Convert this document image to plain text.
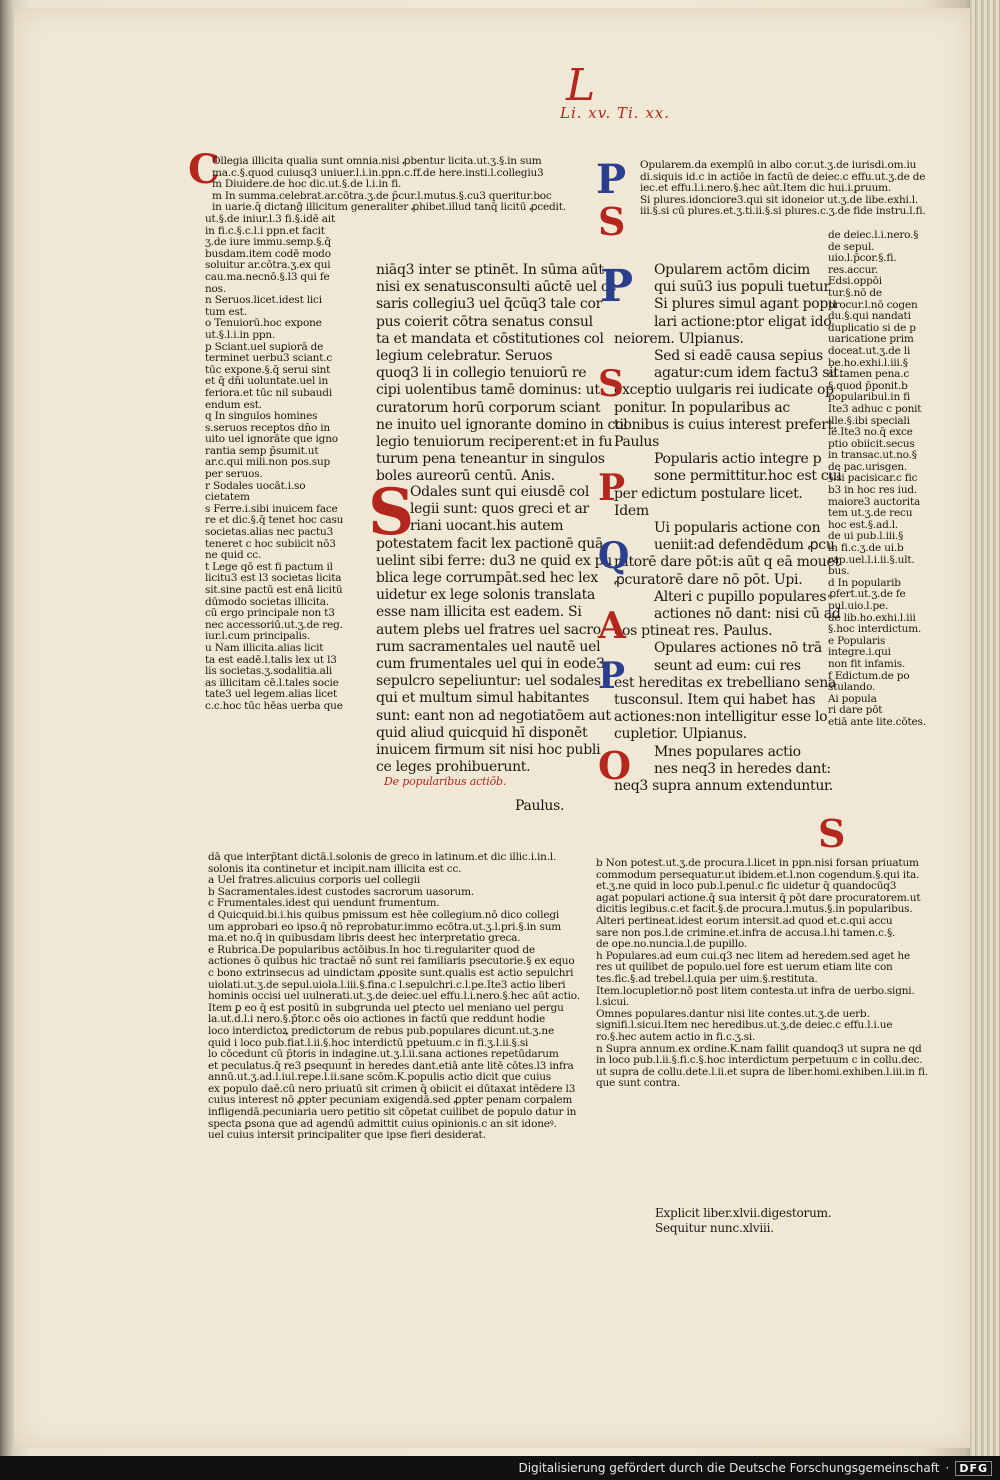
L
Li. xv. Ti. xx.
C
Ollegia illicita qualia sunt omnia.nisi ꝓbentur licita.ut.ʒ.§.in sum
ma.c.§.quod cuiusq3 uniuer.l.i.in.ppn.c.ff.de here.insti.l.collegiu3
m Diuidere.de hoc dic.ut.§.de l.i.in fi.
m In summa.celebrat.ar.cōtra.ʒ.de p̄cur.l.mutus.§.cu3 queritur.boc
in uarie.q̄ dictang̃ illicitum generaliter ꝓhibet.illud tanq̄ licitū ꝓcedit.
ut.§.de iniur.l.3 fi.§.idē ait
in fi.c.§.c.l.i ppn.et facit
ʒ.de iure immu.semp.§.q̄
busdam.item codē modo
soluitur ar.cōtra.ʒ.ex qui
cau.ma.necnō.§.l3 qui fe
nos.
n Seruos.licet.idest lici
tum est.
o Tenuiorū.hoc expone
ut.§.l.i.in ppn.
p Sciant.uel suꝑiorā de
terminet uerbu3 sciant.c
tūc expone.§.q̄ serui sint
et q̄ dn̄i uoluntate.uel in
feriora.et tūc nil subaudi
endum est.
q In singulos homines
s.seruos receptos dn̄o in
uito uel ignorāte que igno
rantia semp p̄sumit.ut
ar.c.qui mili.non pos.sup
per seruos.
r Sodales uocāt.i.so
cietatem
s Ferre.i.sibi inuicem face
re et dic.§.q̄ tenet hoc casu
societas.alias nec pactu3
teneret c hoc subiicit nō3
ne quid cc.
t Lege qō est fi pactum il
licitu3 est l3 societas licita
sit.sine pactū est enā licitū
dūmodo societas illicita.
cū ergo principale non t3
nec accessoriū.ut.ʒ.de reg.
iur.l.cum principalis.
u Nam illicita.alias licit
ta est eadē.l.talis lex ut l3
lis societas.ʒ.sodalitia.ali
as illicitam cē.l.tales socie
tate3 uel legem.alias licet
c.c.hoc tūc hēas uerba que
niāq3 inter se ptinēt. In sūma aūt
nisi ex senatusconsulti aūctē uel ce
saris collegiu3 uel q̄cūq3 tale cor
pus coierit cōtra senatus consul
ta et mandata et cōstitutiones col
legium celebratur. Seruos
quoq3 li in collegio tenuiorū re
cipi uolentibus tamē dominus: ut
curatorum horū corporum sciant
ne inuito uel ignorante domino in col
legio tenuiorum reciperent:et in fu
turum pena teneantur in singulos
boles aureorū centū. Anis.
S
Odales sunt qui eiusdē col
legii sunt: quos greci et ar
riani uocant.his autem
potestatem facit lex pactionē quā
uelint sibi ferre: du3 ne quid ex pu
blica lege corrumpāt.sed hec lex
uidetur ex lege solonis translata
esse nam illicita est eadem. Si
autem plebs uel fratres uel sacro
rum sacramentales uel nautē uel
cum frumentales uel qui in eode3
sepulcro sepeliuntur: uel sodales
qui et multum simul habitantes
sunt: eant non ad negotiatōem aut
quid aliud quicquid hī disponēt
inuicem firmum sit nisi hoc publi
ce leges prohibuerunt.
De popularibus actiōb.
Paulus.
dā que interp̄tant dictā.l.solonis de greco in latinum.et dic illic.i.in.l.
solonis ita continetur et incipit.nam illicita est cc.
a Uel fratres.alicuius corporis uel collegii
b Sacramentales.idest custodes sacrorum uasorum.
c Frumentales.idest qui uendunt frumentum.
d Quicquid.bi.i.his quibus pmissum est hēe collegium.nō dico collegi
um approbari eo ipso.q̄ nō reprobatur.immo ecōtra.ut.ʒ.l.pri.§.in sum
ma.et no.q̄ in quibusdam libris deest hec interpretatio greca.
e Rubrica.De popularibus actōibus.In hoc ti.regulariter quod de
actiones ō quibus hic tractaē nō sunt rei familiaris psecutorie.§ ex equo
c bono extrinsecus ad uindictam ꝓposite sunt.qualis est actio sepulchri
uiolati.ut.ʒ.de sepul.uiola.l.iii.§.fina.c l.sepulchri.c.l.pe.Ite3 actio liberi
hominis occisi uel uulnerati.ut.ʒ.de deiec.uel effu.l.i.nero.§.hec aūt actio.
Item ꝑ eo q̄ est positū in subgrunda uel ꝑtecto uel meniano uel pergu
la.ut.d.l.i nero.§.p̄tor.c oēs oio actiones in factū que reddunt hodie
loco interdictoꝝ predictorum de rebus pub.populares dicunt.ut.ʒ.ne
quid i loco pub.fiat.l.ii.§.hoc interdictū ppetuum.c in fi.ʒ.l.ii.§.si
lo cōcedunt cū p̄toris in indagine.ut.ʒ.l.ii.sana actiones repetūdarum
et peculatus.q̄ re3 ꝑsequunt̄ in heredes dant.etiā ante litē cōtes.l3 infra
annū.ut.ʒ.ad.l.iul.repe.l.ii.sane scōm.K.populis actio dicit que cuius
ex populo daē.cū nero priuatū sit crimen q̄ obiicit ei dūtaxat intēdere l3
cuius interest nō ꝓpter pecuniam exigendā.sed ꝓpter penam corpalem
infligendā.pecuniaria uero petitio sit cōpetat cuilibet de populo datur in
specta ꝑsona que ad agendū admittit cuius opinionis.c an sit idoneꝰ.
uel cuius intersit principaliter que ipse fieri desiderat.
P Opularem.da exemplū in albo cor.ut.ʒ.de iurisdi.om.iu
di.siquis id.c in actiōe in factū de deiec.c effu.ut.ʒ.de de
iec.et effu.l.i.nero.§.hec aūt.Item dic hui.i.ꝑruum.
Si plures.idonciore3.qui sit idoneior ut.ʒ.de libe.exhi.l.
iii.§.si cū plures.et.ʒ.ti.ii.§.si plures.c.ʒ.de fide instru.l.fi.
S
P	Opularem actōm dicim
qui suū3 ius populi tuetur
Si plures simul agant popu
lari actione:ptor eligat ido
neiorem. Ulpianus.
Sed si eadē causa sepius
agatur:cum idem factu3 sit:
exceptio uulgaris rei iudicate op
ponitur. In popularibus ac
tionibus is cuius interest prefert.
Paulus
Popularis actio integre p
sone permittitur.hoc est cui
per edictum postulare licet.
Idem
Ui popularis actione con
ueniit:ad defendēdum ꝓcu
ratorē dare pōt:is aūt q eā mouet
ꝓcuratorē dare nō pōt. Upi.
Alteri c pupillo populares
actiones nō dant: nisi cū ad
eos ptineat res. Paulus.
Opulares actiones nō trā
seunt ad eum: cui res
est hereditas ex trebelliano sena
tusconsul. Item qui habet has
actiones:non intelligitur esse lo
cupletior. Ulpianus.
Mnes populares actio
nes neq3 in heredes dant:
neq3 supra annum extenduntur.
S
P
Q
A
P
O
de deiec.l.i.nero.§
de sepul.
uio.l.p̄cor.§.fi.
res.accur.
Edsi.oppōi
tur.§.nō de
procur.l.nō cogen
du.§.qui nandati
duplicatio si de p
uaricatione prim
doceat.ut.ʒ.de li
be.ho.exhi.l.iii.§
si tamen pena.c
§.quod p̄ponit.b
popularibul.in fi
Ite3 adhuc c ponit
ille.§.ibi speciali
le.Ite3 no.q̄ exce
ptio obiicit.secus
in transac.ut.no.§
de pac.urisgen.
§.si pacisicar.c fic
b3 in hoc res iud.
maiore3 auctorita
tem ut.ʒ.de recu
hoc est.§.ad.l.
de ui pub.l.iii.§
in fi.c.ʒ.de ui.b
rap.uel.l.i.ii.§.ult.
bus.
d In popularib
ꝓfert.ut.ʒ.de fe
pul.uio.l.pe.
de lib.ho.exhi.l.iii
§.hoc interdictum.
e Popularis
integre.i.qui
non fit infamis.
f Edictum.de po
stulando.
Ai popula
ri dare pōt
etiā ante lite.cōtes.
S
b Non potest.ut.ʒ.de procura.l.licet in ppn.nisi forsan priuatum
commodum persequatur.ut ibidem.et.l.non cogendum.§.qui ita.
et.ʒ.ne quid in loco pub.l.penul.c fic uidetur q̄ quandocūq3
agat populari actione.q̄ sua intersit q̄ pōt dare procuratorem.ut
dicitis legibus.c.et facit.§.de procura.l.mutus.§.in popularibus.
Alteri pertineat.idest eorum intersit.ad quod et.c.qui accu
sare non pos.l.de crimine.et.infra de accusa.l.hi tamen.c.§.
de ope.no.nuncia.l.de pupillo.
h Populares.ad eum cui.q3 nec litem ad heredem.sed aget he
res ut quilibet de populo.uel fore est uerum etiam lite con
tes.fic.§.ad trebel.l.quia per uim.§.restituta.
Item.locupletior.nō post litem contesta.ut infra de uerbo.signi.
l.sicui.
Omnes populares.dantur nisi lite contes.ut.ʒ.de uerb.
signifi.l.sicui.Item nec heredibus.ut.ʒ.de deiec.c effu.l.i.ue
ro.§.hec autem actio in fi.c.ʒ.si.
n Supra annum.ex ordine.K.nam fallit quandoq3 ut supra ne qd
in loco pub.l.ii.§.fi.c.§.hoc interdictum perpetuum c in collu.dec.
ut supra de collu.dete.l.ii.et supra de liber.homi.exhiben.l.iii.in fi.
que sunt contra.
Explicit liber.xlvii.digestorum.
Sequitur nunc.xlviii.
Digitalisierung gefördert durch die Deutsche Forschungsgemeinschaft · DFG
